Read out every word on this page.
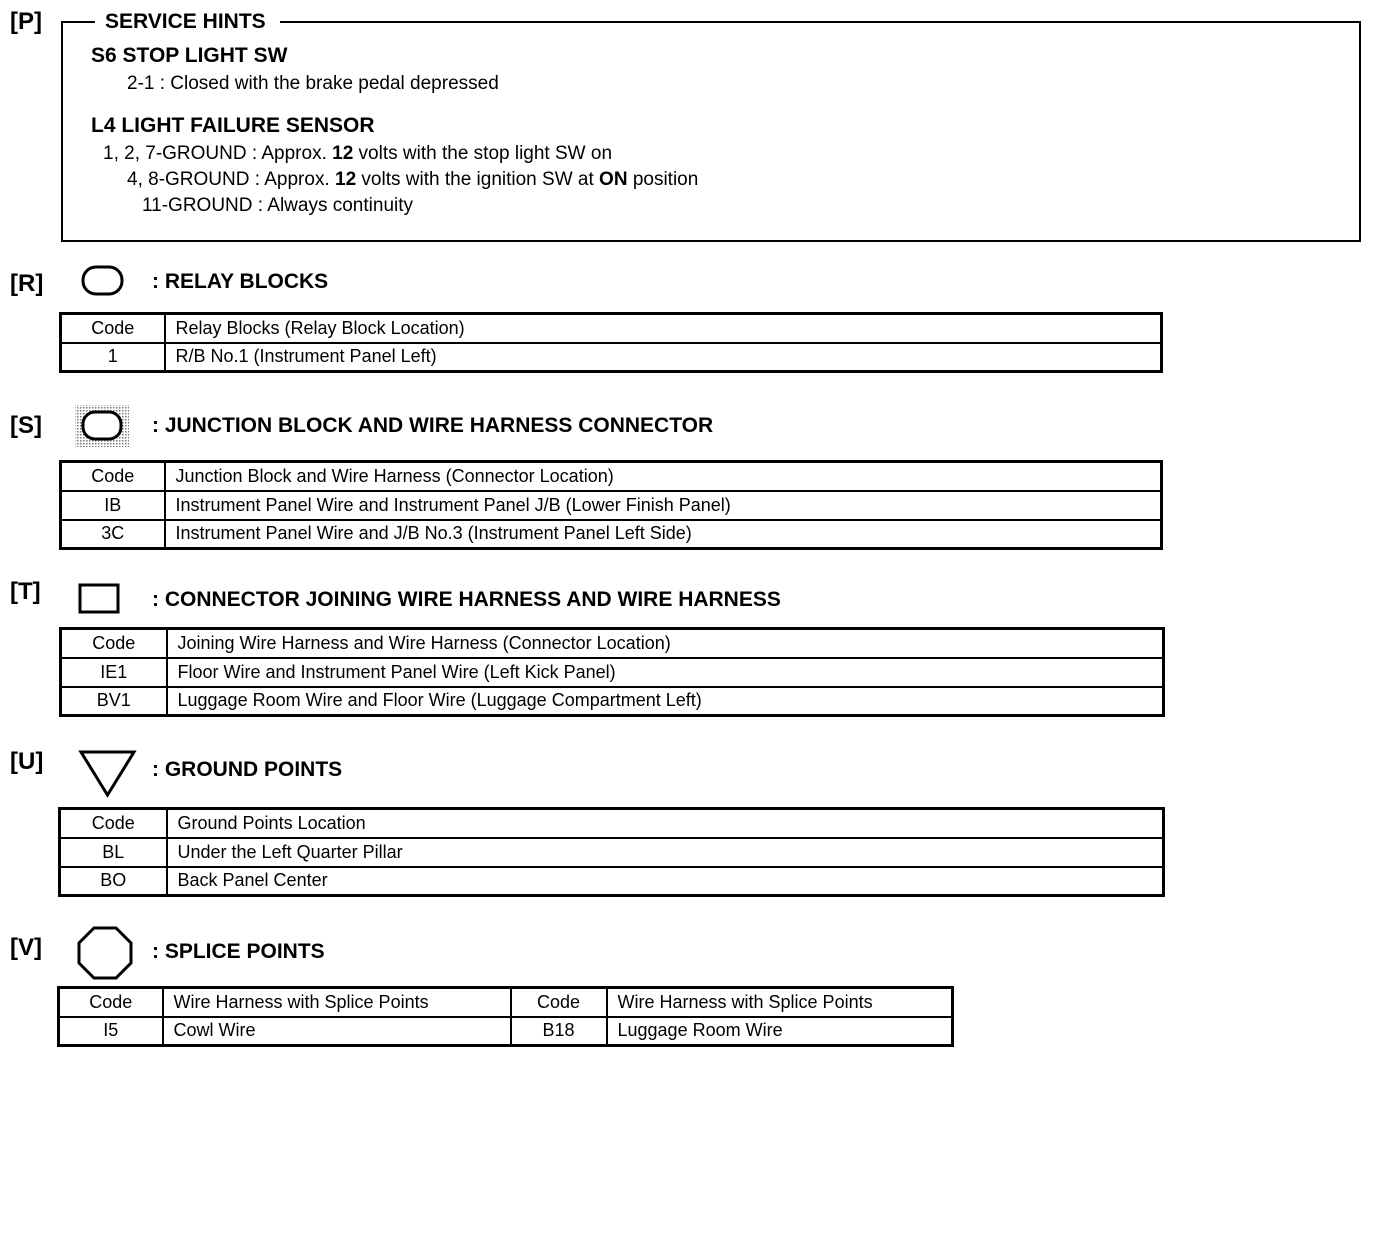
[P]	SERVICE HINTS
S6 STOP LIGHT SW
2-1 : Closed with the brake pedal depressed
L4 LIGHT FAILURE SENSOR
1, 2, 7-GROUND : Approx. 12 volts with the stop light SW on
4, 8-GROUND : Approx. 12 volts with the ignition SW at ON position
11-GROUND : Always continuity
[R]	: RELAY BLOCKS
Code	Relay Blocks (Relay Block Location)
1	R/B No.1 (Instrument Panel Left)
[S]	: JUNCTION BLOCK AND WIRE HARNESS CONNECTOR
Code	Junction Block and Wire Harness (Connector Location)
IB	Instrument Panel Wire and Instrument Panel J/B (Lower Finish Panel)
3C	Instrument Panel Wire and J/B No.3 (Instrument Panel Left Side)
[T]	: CONNECTOR JOINING WIRE HARNESS AND WIRE HARNESS
Code	Joining Wire Harness and Wire Harness (Connector Location)
IE1	Floor Wire and Instrument Panel Wire (Left Kick Panel)
BV1	Luggage Room Wire and Floor Wire (Luggage Compartment Left)
[U]	: GROUND POINTS
Code	Ground Points Location
BL	Under the Left Quarter Pillar
BO	Back Panel Center
[V]	: SPLICE POINTS
Code	Wire Harness with Splice Points	Code	Wire Harness with Splice Points
I5	Cowl Wire	B18	Luggage Room Wire
